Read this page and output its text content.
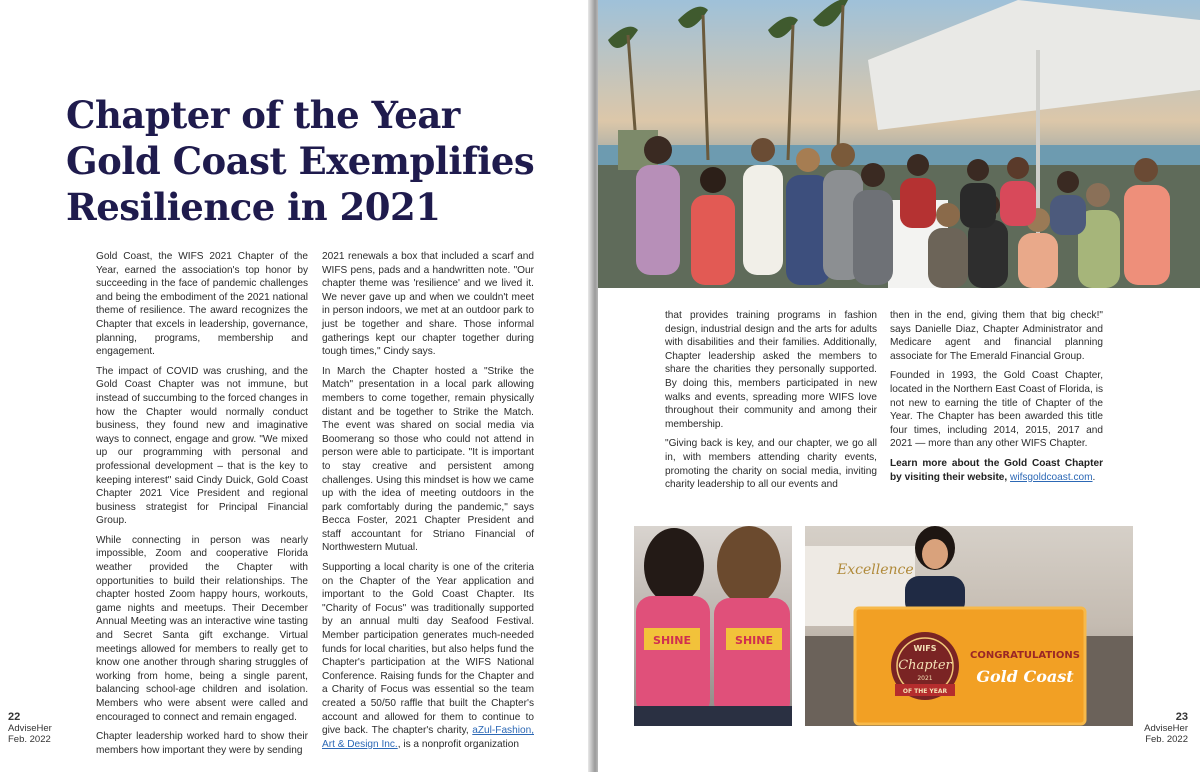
Chapter of the Year
Gold Coast Exemplifies
Resilience in 2021

Gold Coast, the WIFS 2021 Chapter of the Year, earned the association's top honor by succeeding in the face of pandemic challenges and being the embodiment of the 2021 national theme of resilience. The award recognizes the Chapter that excels in leadership, governance, planning, programs, membership and engagement.

The impact of COVID was crushing, and the Gold Coast Chapter was not immune, but instead of succumbing to the forced changes in how the Chapter would normally conduct business, they found new and imaginative ways to connect, engage and grow. "We mixed up our programming with personal and professional development – that is the key to keeping interest" said Cindy Duick, Gold Coast Chapter 2021 Vice President and regional business strategist for Principal Financial Group.

While connecting in person was nearly impossible, Zoom and cooperative Florida weather provided the Chapter with opportunities to build their relationships. The chapter hosted Zoom happy hours, workouts, game nights and meetups. Their December Annual Meeting was an interactive wine tasting and Secret Santa gift exchange. Virtual meetings allowed for members to really get to know one another through sharing struggles of working from home, being a single parent, balancing school-age children and isolation. Members who were absent were called and encouraged to connect and remain engaged.

Chapter leadership worked hard to show their members how important they were by sending

2021 renewals a box that included a scarf and WIFS pens, pads and a handwritten note. "Our chapter theme was 'resilience' and we lived it. We never gave up and when we couldn't meet in person indoors, we met at an outdoor park to just be together and share. Those informal gatherings kept our chapter together during tough times," Cindy says.

In March the Chapter hosted a "Strike the Match" presentation in a local park allowing members to come together, remain physically distant and be together to Strike the Match. The event was shared on social media via Boomerang so those who could not attend in person were able to participate. "It is important to stay creative and persistent among challenges. Using this mindset is how we came up with the idea of meeting outdoors in the park comfortably during the pandemic," says Becca Foster, 2021 Chapter President and staff accountant for Striano Financial of Northwestern Mutual.

Supporting a local charity is one of the criteria on the Chapter of the Year application and important to the Gold Coast Chapter. Its "Charity of Focus" was traditionally supported by an annual multi day Seafood Festival. Member participation generates much-needed funds for local charities, but also helps fund the Chapter's participation at the WIFS National Conference. Raising funds for the Chapter and a Charity of Focus was essential so the team created a 50/50 raffle that built the Chapter's account and allowed for them to continue to give back. The chapter's charity, aZul-Fashion, Art & Design Inc., is a nonprofit organization

22
AdviseHer
Feb. 2022

that provides training programs in fashion design, industrial design and the arts for adults with disabilities and their families. Additionally, Chapter leadership asked the members to share the charities they personally supported. By doing this, members participated in new walks and events, spreading more WIFS love throughout their community and among their membership.

"Giving back is key, and our chapter, we go all in, with members attending charity events, promoting the charity on social media, inviting charity leadership to all our events and

then in the end, giving them that big check!" says Danielle Diaz, Chapter Administrator and Medicare agent and financial planning associate for The Emerald Financial Group.

Founded in 1993, the Gold Coast Chapter, located in the Northern East Coast of Florida, is not new to earning the title of Chapter of the Year. The Chapter has been awarded this title four times, including 2014, 2015, 2017 and 2021 — more than any other WIFS Chapter.

Learn more about the Gold Coast Chapter by visiting their website, wifsgoldcoast.com.

SHINE	SHINE
Excellence
WIFS
Chapter
2021
OF THE YEAR
CONGRATULATIONS
Gold Coast
23
AdviseHer
Feb. 2022
